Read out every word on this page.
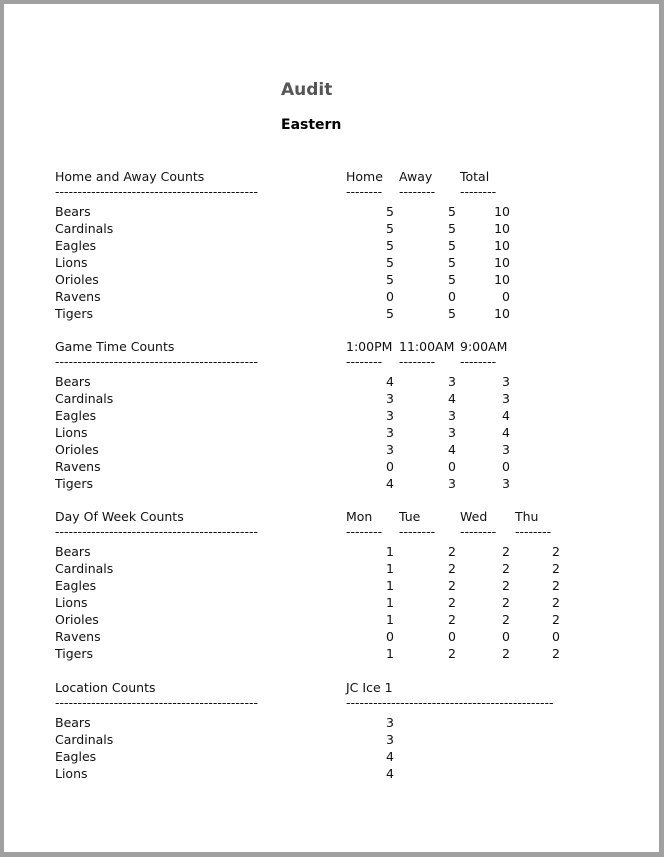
Audit
Eastern
Home and Away Counts	Home Away Total
---------------------------------------------	--------	--------	--------
Bears	5	5	10
Cardinals	5	5	10
Eagles	5	5	10
Lions	5	5	10
Orioles	5	5	10
Ravens	0	0	0
Tigers	5	5	10
Game Time Counts	1:00PM 11:00AM 9:00AM
---------------------------------------------	--------	--------	--------
Bears	4	3	3
Cardinals	3	4	3
Eagles	3	3	4
Lions	3	3	4
Orioles	3	4	3
Ravens	0	0	0
Tigers	4	3	3
Day Of Week Counts	Mon Tue	Wed Thu
---------------------------------------------	--------	--------	--------	--------
Bears	1	2	2	2
Cardinals	1	2	2	2
Eagles	1	2	2	2
Lions	1	2	2	2
Orioles	1	2	2	2
Ravens	0	0	0	0
Tigers	1	2	2	2
Location Counts	JC Ice 1
---------------------------------------------	----------------------------------------------
Bears	3
Cardinals	3
Eagles	4
Lions	4
